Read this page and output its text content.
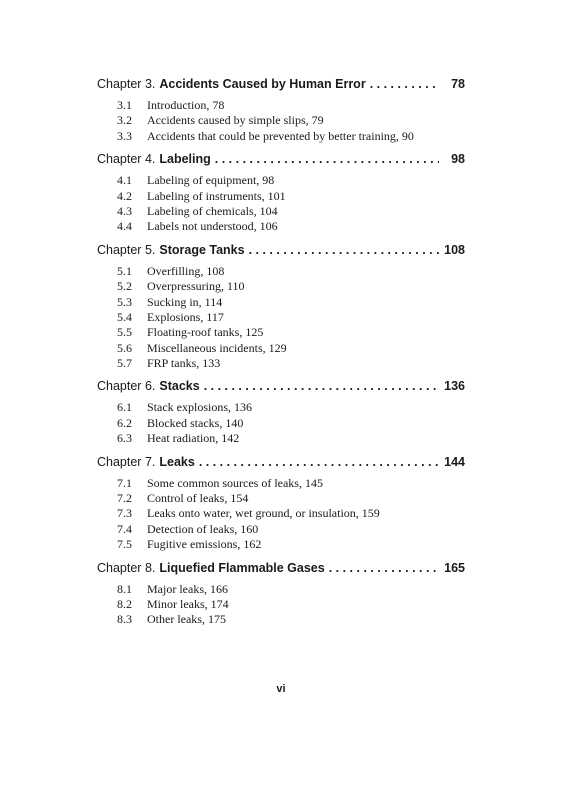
Chapter 3. Accidents Caused by Human Error . . .	78
3.1	Introduction, 78
3.2	Accidents caused by simple slips, 79
3.3	Accidents that could be prevented by better training, 90
Chapter 4. Labeling . . .	98
4.1	Labeling of equipment, 98
4.2	Labeling of instruments, 101
4.3	Labeling of chemicals, 104
4.4	Labels not understood, 106
Chapter 5. Storage Tanks . . .	108
5.1	Overfilling, 108
5.2	Overpressuring, 110
5.3	Sucking in, 114
5.4	Explosions, 117
5.5	Floating-roof tanks, 125
5.6	Miscellaneous incidents, 129
5.7	FRP tanks, 133
Chapter 6. Stacks . . .	136
6.1	Stack explosions, 136
6.2	Blocked stacks, 140
6.3	Heat radiation, 142
Chapter 7. Leaks . . .	144
7.1	Some common sources of leaks, 145
7.2	Control of leaks, 154
7.3	Leaks onto water, wet ground, or insulation, 159
7.4	Detection of leaks, 160
7.5	Fugitive emissions, 162
Chapter 8. Liquefied Flammable Gases . . .	165
8.1	Major leaks, 166
8.2	Minor leaks, 174
8.3	Other leaks, 175
vi
